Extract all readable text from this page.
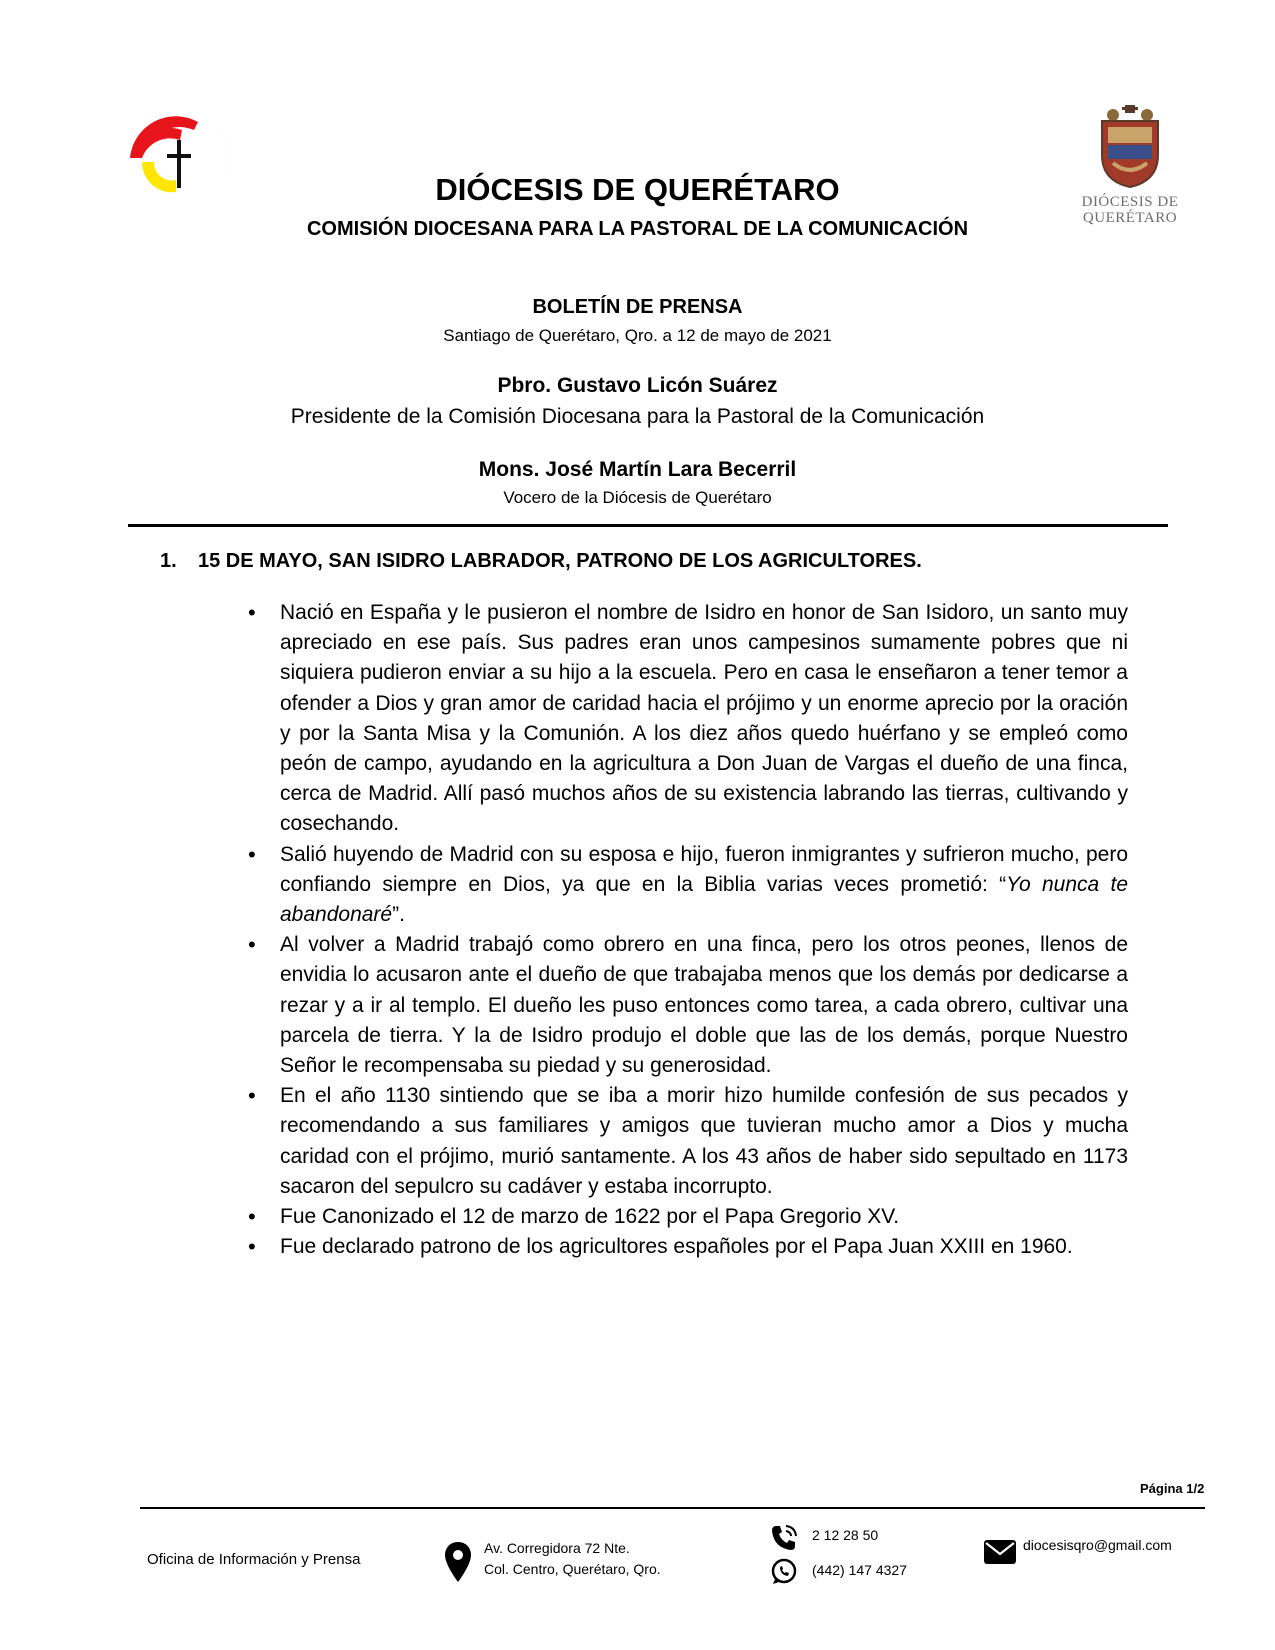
DIÓCESIS DE
QUERÉTARO
DIÓCESIS DE QUERÉTARO
COMISIÓN DIOCESANA PARA LA PASTORAL DE LA COMUNICACIÓN
BOLETÍN DE PRENSA
Santiago de Querétaro, Qro. a 12 de mayo de 2021
Pbro. Gustavo Licón Suárez
Presidente de la Comisión Diocesana para la Pastoral de la Comunicación
Mons. José Martín Lara Becerril
Vocero de la Diócesis de Querétaro
1. 15 DE MAYO, SAN ISIDRO LABRADOR, PATRONO DE LOS AGRICULTORES.
• Nació en España y le pusieron el nombre de Isidro en honor de San Isidoro, un santo muy apreciado en ese país. Sus padres eran unos campesinos sumamente pobres que ni siquiera pudieron enviar a su hijo a la escuela. Pero en casa le enseñaron a tener temor a ofender a Dios y gran amor de caridad hacia el prójimo y un enorme aprecio por la oración y por la Santa Misa y la Comunión. A los diez años quedo huérfano y se empleó como peón de campo, ayudando en la agricultura a Don Juan de Vargas el dueño de una finca, cerca de Madrid. Allí pasó muchos años de su existencia labrando las tierras, cultivando y cosechando.
• Salió huyendo de Madrid con su esposa e hijo, fueron inmigrantes y sufrieron mucho, pero confiando siempre en Dios, ya que en la Biblia varias veces prometió: “Yo nunca te abandonaré”.
• Al volver a Madrid trabajó como obrero en una finca, pero los otros peones, llenos de envidia lo acusaron ante el dueño de que trabajaba menos que los demás por dedicarse a rezar y a ir al templo. El dueño les puso entonces como tarea, a cada obrero, cultivar una parcela de tierra. Y la de Isidro produjo el doble que las de los demás, porque Nuestro Señor le recompensaba su piedad y su generosidad.
• En el año 1130 sintiendo que se iba a morir hizo humilde confesión de sus pecados y recomendando a sus familiares y amigos que tuvieran mucho amor a Dios y mucha caridad con el prójimo, murió santamente. A los 43 años de haber sido sepultado en 1173 sacaron del sepulcro su cadáver y estaba incorrupto.
• Fue Canonizado el 12 de marzo de 1622 por el Papa Gregorio XV.
• Fue declarado patrono de los agricultores españoles por el Papa Juan XXIII en 1960.
Página 1/2
Oficina de Información y Prensa
Av. Corregidora 72 Nte.
Col. Centro, Querétaro, Qro.
2 12 28 50
(442) 147 4327
diocesisqro@gmail.com
